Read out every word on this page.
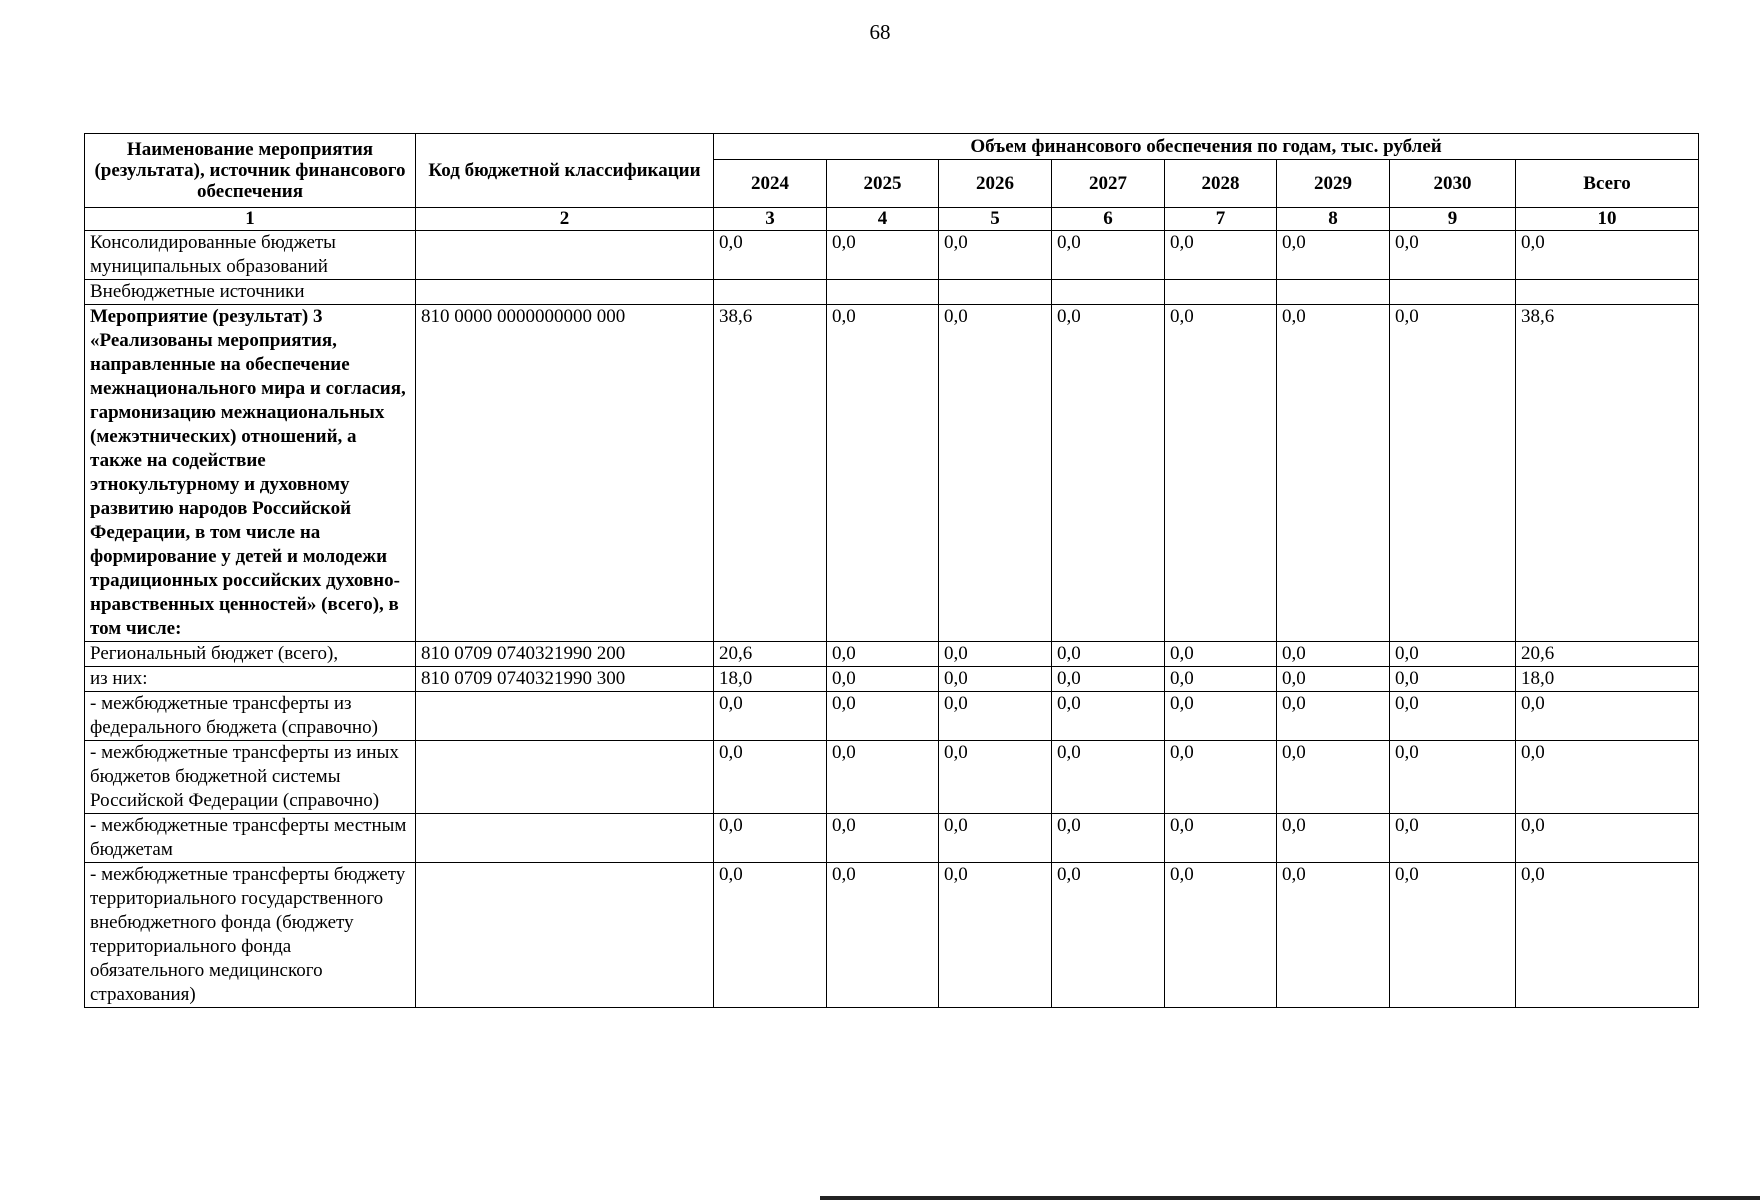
68
Наименование мероприятия (результата), источник финансового обеспечения	Код бюджетной классификации	Объем финансового обеспечения по годам, тыс. рублей							
		2024	2025	2026	2027	2028	2029	2030	Всего
1	2	3	4	5	6	7	8	9	10
Консолидированные бюджеты муниципальных образований		0,0	0,0	0,0	0,0	0,0	0,0	0,0	0,0
Внебюджетные источники									
Мероприятие (результат) 3 «Реализованы мероприятия, направленные на обеспечение межнационального мира и согласия, гармонизацию межнациональных (межэтнических) отношений, а также на содействие этнокультурному и духовному развитию народов Российской Федерации, в том числе на формирование у детей и молодежи традиционных российских духовно-нравственных ценностей» (всего), в том числе:	810 0000 0000000000 000	38,6	0,0	0,0	0,0	0,0	0,0	0,0	38,6
Региональный бюджет (всего),	810 0709 0740321990 200	20,6	0,0	0,0	0,0	0,0	0,0	0,0	20,6
из них:	810 0709 0740321990 300	18,0	0,0	0,0	0,0	0,0	0,0	0,0	18,0
- межбюджетные трансферты из федерального бюджета (справочно)		0,0	0,0	0,0	0,0	0,0	0,0	0,0	0,0
- межбюджетные трансферты из иных бюджетов бюджетной системы Российской Федерации (справочно)		0,0	0,0	0,0	0,0	0,0	0,0	0,0	0,0
- межбюджетные трансферты местным бюджетам		0,0	0,0	0,0	0,0	0,0	0,0	0,0	0,0
- межбюджетные трансферты бюджету территориального государственного внебюджетного фонда (бюджету территориального фонда обязательного медицинского страхования)		0,0	0,0	0,0	0,0	0,0	0,0	0,0	0,0
